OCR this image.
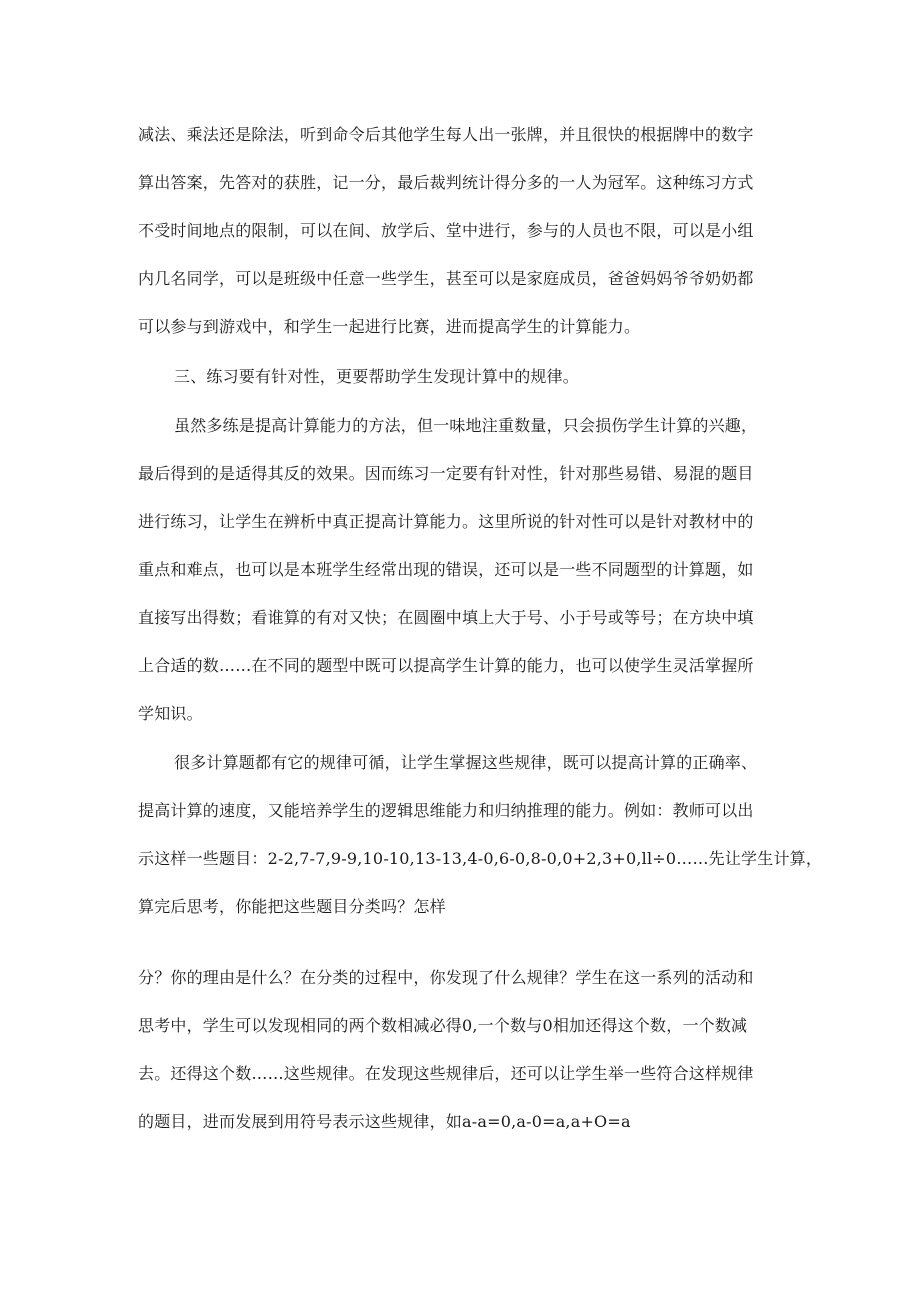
减法、乘法还是除法，听到命令后其他学生每人出一张牌，并且很快的根据牌中的数字
算出答案，先答对的获胜，记一分，最后裁判统计得分多的一人为冠军。这种练习方式
不受时间地点的限制，可以在间、放学后、堂中进行，参与的人员也不限，可以是小组
内几名同学，可以是班级中任意一些学生，甚至可以是家庭成员，爸爸妈妈爷爷奶奶都
可以参与到游戏中，和学生一起进行比赛，进而提高学生的计算能力。
三、练习要有针对性，更要帮助学生发现计算中的规律。
虽然多练是提高计算能力的方法，但一味地注重数量，只会损伤学生计算的兴趣，
最后得到的是适得其反的效果。因而练习一定要有针对性，针对那些易错、易混的题目
进行练习，让学生在辨析中真正提高计算能力。这里所说的针对性可以是针对教材中的
重点和难点，也可以是本班学生经常出现的错误，还可以是一些不同题型的计算题，如
直接写出得数；看谁算的有对又快；在圆圈中填上大于号、小于号或等号；在方块中填
上合适的数……在不同的题型中既可以提高学生计算的能力，也可以使学生灵活掌握所
学知识。
很多计算题都有它的规律可循，让学生掌握这些规律，既可以提高计算的正确率、
提高计算的速度，又能培养学生的逻辑思维能力和归纳推理的能力。例如：教师可以出
示这样一些题目：2-2,7-7,9-9,10-10,13-13,4-0,6-0,8-0,0+2,3+0,ll÷0……先让学生计算，
算完后思考，你能把这些题目分类吗？怎样
分？你的理由是什么？在分类的过程中，你发现了什么规律？学生在这一系列的活动和
思考中，学生可以发现相同的两个数相减必得0,一个数与0相加还得这个数，一个数减
去。还得这个数……这些规律。在发现这些规律后，还可以让学生举一些符合这样规律
的题目，进而发展到用符号表示这些规律，如a-a=0,a-0=a,a+O=a
